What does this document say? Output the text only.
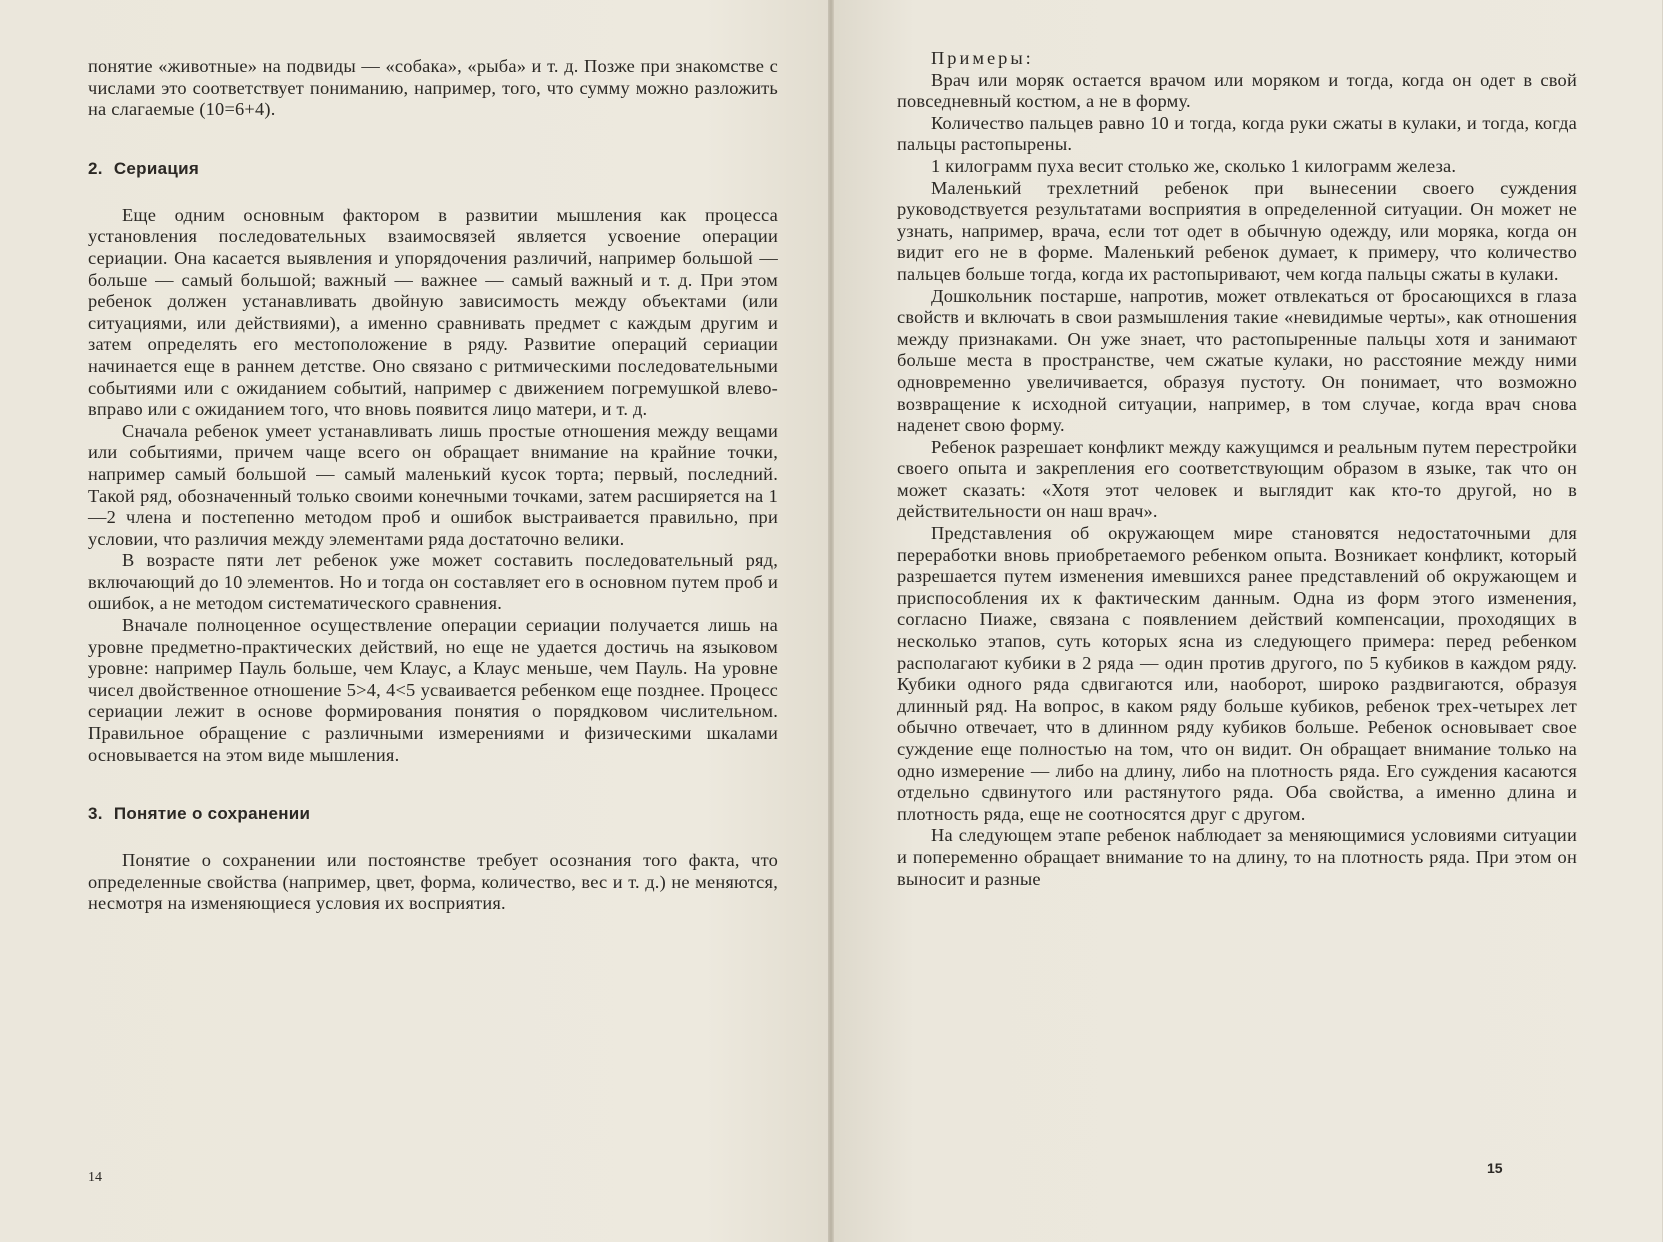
понятие «животные» на подвиды — «собака», «рыба» и т. д. Позже при знакомстве с числами это соответствует пониманию, например, того, что сумму можно разложить на слагаемые (10=6+4).

2. Сериация

Еще одним основным фактором в развитии мышления как процесса установления последовательных взаимосвязей является усвоение операции сериации. Она касается выявления и упорядочения различий, например большой — больше — самый большой; важный — важнее — самый важный и т. д. При этом ребенок должен устанавливать двойную зависимость между объектами (или ситуациями, или действиями), а именно сравнивать предмет с каждым другим и затем определять его местоположение в ряду. Развитие операций сериации начинается еще в раннем детстве. Оно связано с ритмическими последовательными событиями или с ожиданием событий, например с движением погремушкой влево-вправо или с ожиданием того, что вновь появится лицо матери, и т. д.

Сначала ребенок умеет устанавливать лишь простые отношения между вещами или событиями, причем чаще всего он обращает внимание на крайние точки, например самый большой — самый маленький кусок торта; первый, последний. Такой ряд, обозначенный только своими конечными точками, затем расширяется на 1—2 члена и постепенно методом проб и ошибок выстраивается правильно, при условии, что различия между элементами ряда достаточно велики.

В возрасте пяти лет ребенок уже может составить последовательный ряд, включающий до 10 элементов. Но и тогда он составляет его в основном путем проб и ошибок, а не методом систематического сравнения.

Вначале полноценное осуществление операции сериации получается лишь на уровне предметно-практических действий, но еще не удается достичь на языковом уровне: например Пауль больше, чем Клаус, а Клаус меньше, чем Пауль. На уровне чисел двойственное отношение 5>4, 4<5 усваивается ребенком еще позднее. Процесс сериации лежит в основе формирования понятия о порядковом числительном. Правильное обращение с различными измерениями и физическими шкалами основывается на этом виде мышления.

3. Понятие о сохранении

Понятие о сохранении или постоянстве требует осознания того факта, что определенные свойства (например, цвет, форма, количество, вес и т. д.) не меняются, несмотря на изменяющиеся условия их восприятия.

14

Примеры:

Врач или моряк остается врачом или моряком и тогда, когда он одет в свой повседневный костюм, а не в форму.

Количество пальцев равно 10 и тогда, когда руки сжаты в кулаки, и тогда, когда пальцы растопырены.

1 килограмм пуха весит столько же, сколько 1 килограмм железа.

Маленький трехлетний ребенок при вынесении своего суждения руководствуется результатами восприятия в определенной ситуации. Он может не узнать, например, врача, если тот одет в обычную одежду, или моряка, когда он видит его не в форме. Маленький ребенок думает, к примеру, что количество пальцев больше тогда, когда их растопыривают, чем когда пальцы сжаты в кулаки.

Дошкольник постарше, напротив, может отвлекаться от бросающихся в глаза свойств и включать в свои размышления такие «невидимые черты», как отношения между признаками. Он уже знает, что растопыренные пальцы хотя и занимают больше места в пространстве, чем сжатые кулаки, но расстояние между ними одновременно увеличивается, образуя пустоту. Он понимает, что возможно возвращение к исходной ситуации, например, в том случае, когда врач снова наденет свою форму.

Ребенок разрешает конфликт между кажущимся и реальным путем перестройки своего опыта и закрепления его соответствующим образом в языке, так что он может сказать: «Хотя этот человек и выглядит как кто-то другой, но в действительности он наш врач».

Представления об окружающем мире становятся недостаточными для переработки вновь приобретаемого ребенком опыта. Возникает конфликт, который разрешается путем изменения имевшихся ранее представлений об окружающем и приспособления их к фактическим данным. Одна из форм этого изменения, согласно Пиаже, связана с появлением действий компенсации, проходящих в несколько этапов, суть которых ясна из следующего примера: перед ребенком располагают кубики в 2 ряда — один против другого, по 5 кубиков в каждом ряду. Кубики одного ряда сдвигаются или, наоборот, широко раздвигаются, образуя длинный ряд. На вопрос, в каком ряду больше кубиков, ребенок трех-четырех лет обычно отвечает, что в длинном ряду кубиков больше. Ребенок основывает свое суждение еще полностью на том, что он видит. Он обращает внимание только на одно измерение — либо на длину, либо на плотность ряда. Его суждения касаются отдельно сдвинутого или растянутого ряда. Оба свойства, а именно длина и плотность ряда, еще не соотносятся друг с другом.

На следующем этапе ребенок наблюдает за меняющимися условиями ситуации и попеременно обращает внимание то на длину, то на плотность ряда. При этом он выносит и разные

15
